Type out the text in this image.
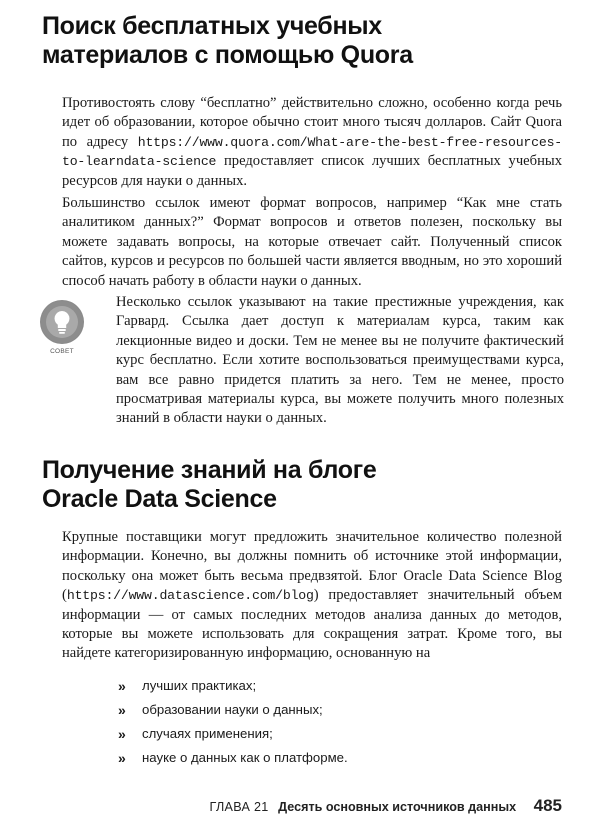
Поиск бесплатных учебных
материалов с помощью Quora

Противостоять слову “бесплатно” действительно сложно, особенно когда речь идет об образовании, которое обычно стоит много тысяч долларов. Сайт Quora по адресу https://www.quora.com/What-are-the-best-free-resources-to-learndata-science предоставляет список лучших бесплатных учебных ресурсов для науки о данных.

Большинство ссылок имеют формат вопросов, например “Как мне стать аналитиком данных?” Формат вопросов и ответов полезен, поскольку вы можете задавать вопросы, на которые отвечает сайт. Полученный список сайтов, курсов и ресурсов по большей части является вводным, но это хороший способ начать работу в области науки о данных.

СОВЕТ

Несколько ссылок указывают на такие престижные учреждения, как Гарвард. Ссылка дает доступ к материалам курса, таким как лекционные видео и доски. Тем не менее вы не получите фактический курс бесплатно. Если хотите воспользоваться преимуществами курса, вам все равно придется платить за него. Тем не менее, просто просматривая материалы курса, вы можете получить много полезных знаний в области науки о данных.

Получение знаний на блоге
Oracle Data Science

Крупные поставщики могут предложить значительное количество полезной информации. Конечно, вы должны помнить об источнике этой информации, поскольку она может быть весьма предвзятой. Блог Oracle Data Science Blog (https://www.datascience.com/blog) предоставляет значительный объем информации — от самых последних методов анализа данных до методов, которые вы можете использовать для сокращения затрат. Кроме того, вы найдете категоризированную информацию, основанную на

» лучших практиках;
» образовании науки о данных;
» случаях применения;
» науке о данных как о платформе.
ГЛАВА 21 Десять основных источников данных 485
